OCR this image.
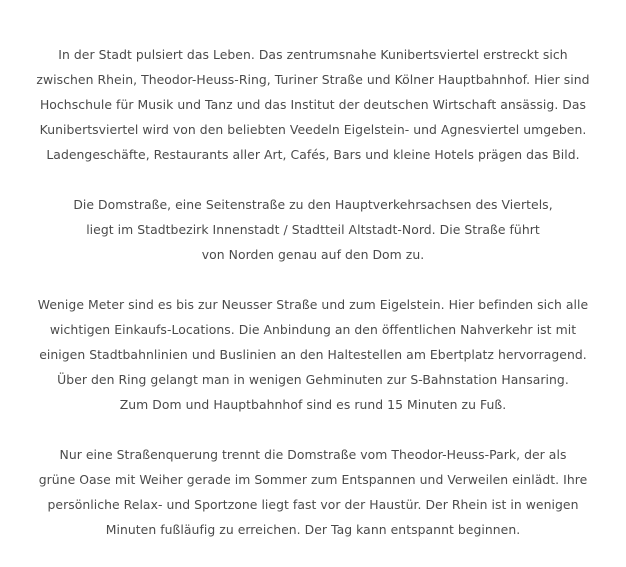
In der Stadt pulsiert das Leben. Das zentrumsnahe Kunibertsviertel erstreckt sich
zwischen Rhein, Theodor-Heuss-Ring, Turiner Straße und Kölner Hauptbahnhof. Hier sind
Hochschule für Musik und Tanz und das Institut der deutschen Wirtschaft ansässig. Das
Kunibertsviertel wird von den beliebten Veedeln Eigelstein- und Agnesviertel umgeben.
Ladengeschäfte, Restaurants aller Art, Cafés, Bars und kleine Hotels prägen das Bild.
Die Domstraße, eine Seitenstraße zu den Hauptverkehrsachsen des Viertels,
liegt im Stadtbezirk Innenstadt / Stadtteil Altstadt-Nord. Die Straße führt
von Norden genau auf den Dom zu.
Wenige Meter sind es bis zur Neusser Straße und zum Eigelstein. Hier befinden sich alle
wichtigen Einkaufs-Locations. Die Anbindung an den öffentlichen Nahverkehr ist mit
einigen Stadtbahnlinien und Buslinien an den Haltestellen am Ebertplatz hervorragend.
Über den Ring gelangt man in wenigen Gehminuten zur S-Bahnstation Hansaring.
Zum Dom und Hauptbahnhof sind es rund 15 Minuten zu Fuß.
Nur eine Straßenquerung trennt die Domstraße vom Theodor-Heuss-Park, der als
grüne Oase mit Weiher gerade im Sommer zum Entspannen und Verweilen einlädt. Ihre
persönliche Relax- und Sportzone liegt fast vor der Haustür. Der Rhein ist in wenigen
Minuten fußläufig zu erreichen. Der Tag kann entspannt beginnen.
